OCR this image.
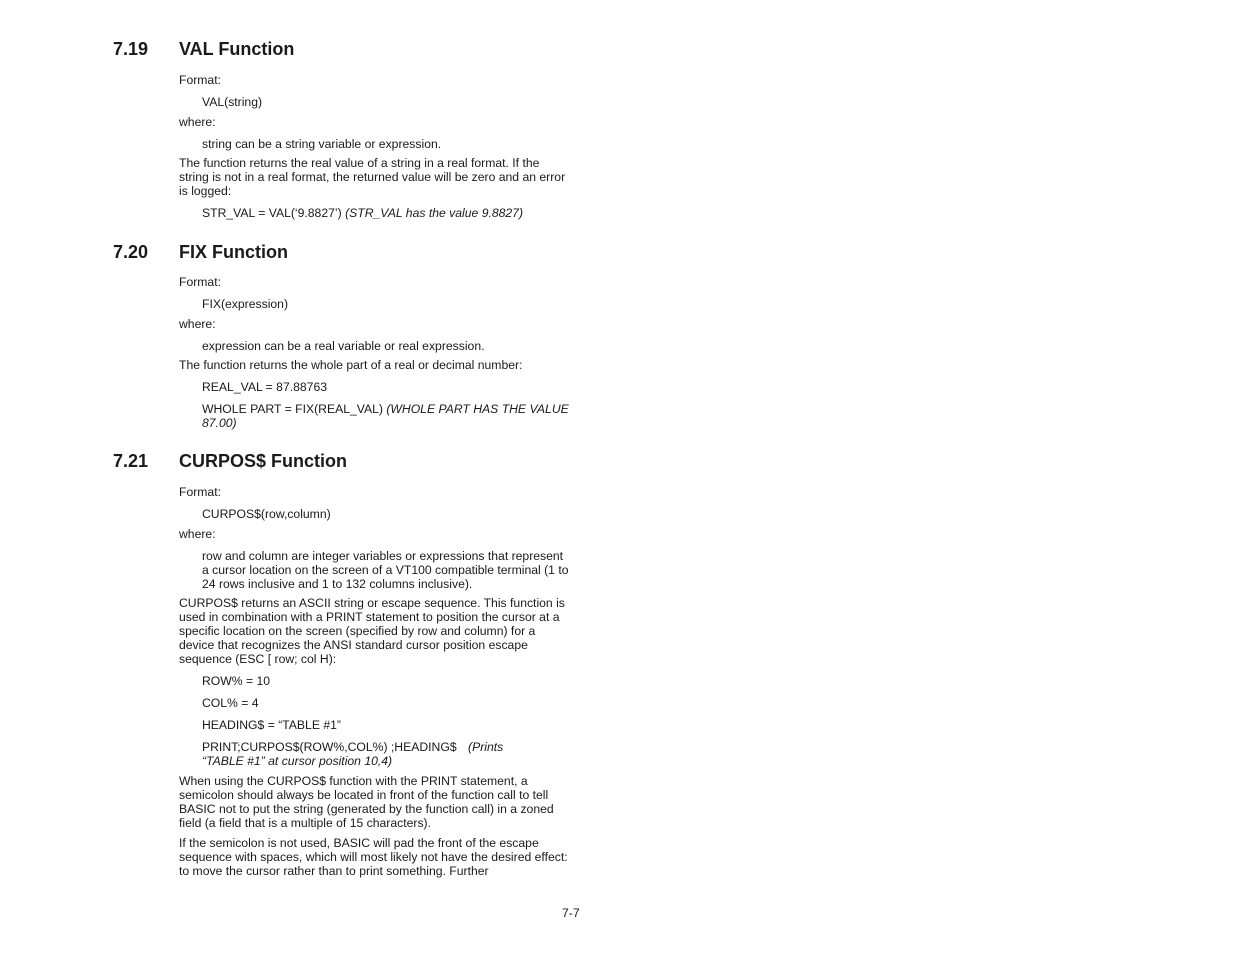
7.19 VAL Function
Format:
VAL(string)
where:
string can be a string variable or expression.
The function returns the real value of a string in a real format. If the string is not in a real format, the returned value will be zero and an error is logged:
STR_VAL = VAL(‘9.8827’) (STR_VAL has the value 9.8827)
7.20 FIX Function
Format:
FIX(expression)
where:
expression can be a real variable or real expression.
The function returns the whole part of a real or decimal number:
REAL_VAL = 87.88763
WHOLE PART = FIX(REAL_VAL) (WHOLE PART HAS THE VALUE 87.00)
7.21 CURPOS$ Function
Format:
CURPOS$(row,column)
where:
row and column are integer variables or expressions that represent a cursor location on the screen of a VT100 compatible terminal (1 to 24 rows inclusive and 1 to 132 columns inclusive).
CURPOS$ returns an ASCII string or escape sequence. This function is used in combination with a PRINT statement to position the cursor at a specific location on the screen (specified by row and column) for a device that recognizes the ANSI standard cursor position escape sequence (ESC [ row; col H):
ROW% = 10
COL% = 4
HEADING$ = “TABLE #1”
PRINT;CURPOS$(ROW%,COL%) ;HEADING$ (Prints “TABLE #1” at cursor position 10,4)
When using the CURPOS$ function with the PRINT statement, a semicolon should always be located in front of the function call to tell BASIC not to put the string (generated by the function call) in a zoned field (a field that is a multiple of 15 characters).
If the semicolon is not used, BASIC will pad the front of the escape sequence with spaces, which will most likely not have the desired effect: to move the cursor rather than to print something. Further
7-7
